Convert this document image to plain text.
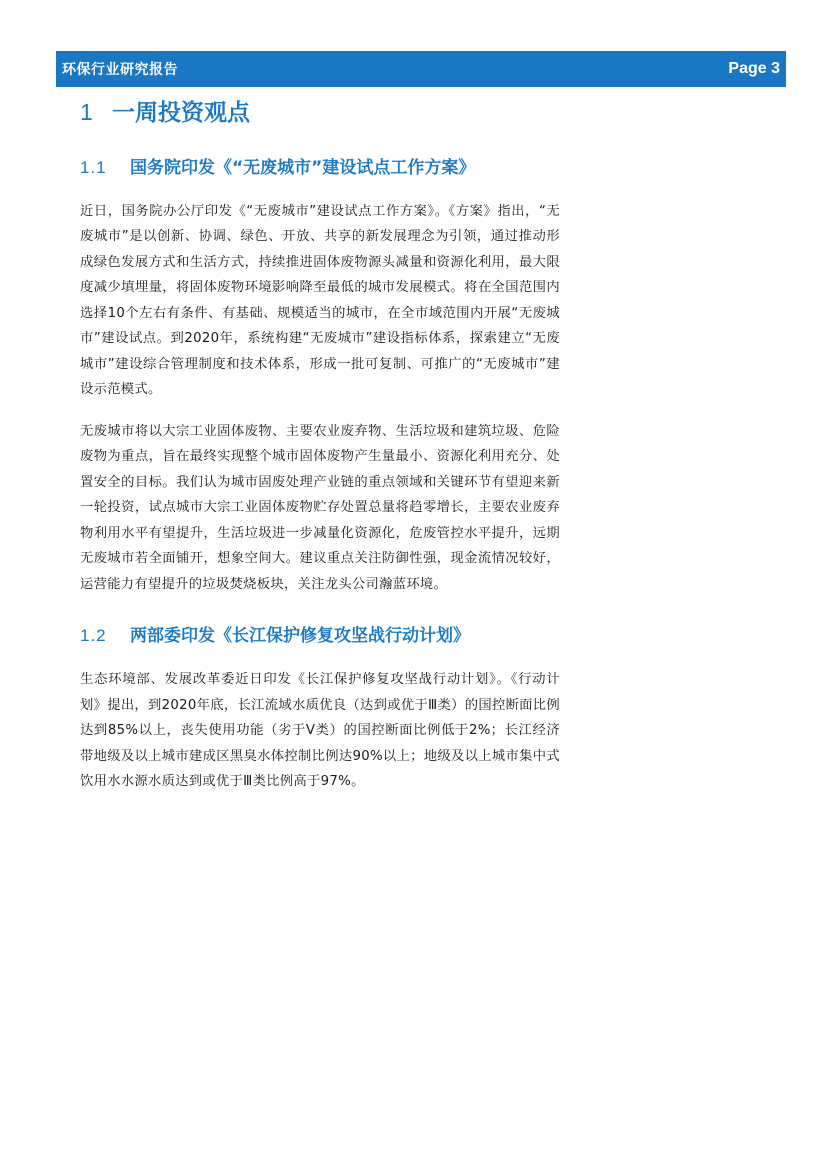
环保行业研究报告	Page 3
1 一周投资观点
1.1	国务院印发《“无废城市”建设试点工作方案》

近日，国务院办公厅印发《“无废城市”建设试点工作方案》。《方案》指出，“无废城市”是以创新、协调、绿色、开放、共享的新发展理念为引领，通过推动形成绿色发展方式和生活方式，持续推进固体废物源头减量和资源化利用，最大限度减少填埋量，将固体废物环境影响降至最低的城市发展模式。将在全国范围内选择10个左右有条件、有基础、规模适当的城市，在全市域范围内开展“无废城市”建设试点。到2020年，系统构建“无废城市”建设指标体系，探索建立“无废城市”建设综合管理制度和技术体系，形成一批可复制、可推广的“无废城市”建设示范模式。

无废城市将以大宗工业固体废物、主要农业废弃物、生活垃圾和建筑垃圾、危险废物为重点，旨在最终实现整个城市固体废物产生量最小、资源化利用充分、处置安全的目标。我们认为城市固废处理产业链的重点领域和关键环节有望迎来新一轮投资，试点城市大宗工业固体废物贮存处置总量将趋零增长，主要农业废弃物利用水平有望提升，生活垃圾进一步减量化资源化，危废管控水平提升，远期无废城市若全面铺开，想象空间大。建议重点关注防御性强，现金流情况较好，运营能力有望提升的垃圾焚烧板块，关注龙头公司瀚蓝环境。

1.2	两部委印发《长江保护修复攻坚战行动计划》

生态环境部、发展改革委近日印发《长江保护修复攻坚战行动计划》。《行动计划》提出，到2020年底，长江流域水质优良（达到或优于Ⅲ类）的国控断面比例达到85%以上，丧失使用功能（劣于Ⅴ类）的国控断面比例低于2%；长江经济带地级及以上城市建成区黑臭水体控制比例达90%以上；地级及以上城市集中式饮用水水源水质达到或优于Ⅲ类比例高于97%。
